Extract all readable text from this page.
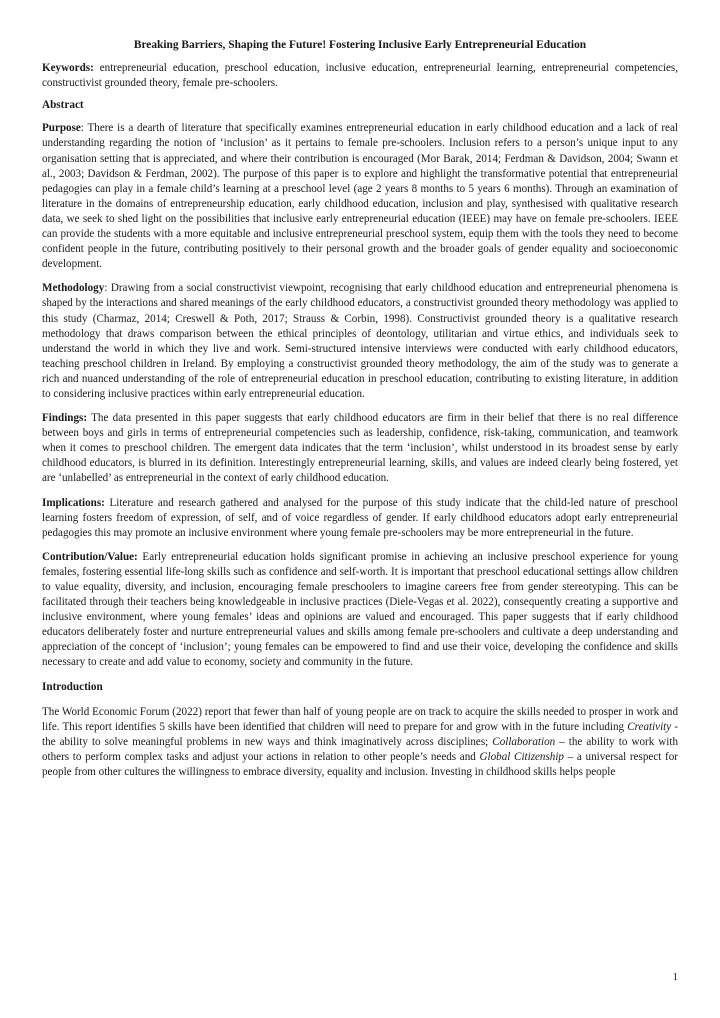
Breaking Barriers, Shaping the Future! Fostering Inclusive Early Entrepreneurial Education

Keywords: entrepreneurial education, preschool education, inclusive education, entrepreneurial learning, entrepreneurial competencies, constructivist grounded theory, female pre-schoolers.

Abstract

Purpose: There is a dearth of literature that specifically examines entrepreneurial education in early childhood education and a lack of real understanding regarding the notion of ‘inclusion’ as it pertains to female pre-schoolers. Inclusion refers to a person’s unique input to any organisation setting that is appreciated, and where their contribution is encouraged (Mor Barak, 2014; Ferdman & Davidson, 2004; Swann et al., 2003; Davidson & Ferdman, 2002). The purpose of this paper is to explore and highlight the transformative potential that entrepreneurial pedagogies can play in a female child’s learning at a preschool level (age 2 years 8 months to 5 years 6 months). Through an examination of literature in the domains of entrepreneurship education, early childhood education, inclusion and play, synthesised with qualitative research data, we seek to shed light on the possibilities that inclusive early entrepreneurial education (IEEE) may have on female pre-schoolers. IEEE can provide the students with a more equitable and inclusive entrepreneurial preschool system, equip them with the tools they need to become confident people in the future, contributing positively to their personal growth and the broader goals of gender equality and socioeconomic development.

Methodology: Drawing from a social constructivist viewpoint, recognising that early childhood education and entrepreneurial phenomena is shaped by the interactions and shared meanings of the early childhood educators, a constructivist grounded theory methodology was applied to this study (Charmaz, 2014; Creswell & Poth, 2017; Strauss & Corbin, 1998). Constructivist grounded theory is a qualitative research methodology that draws comparison between the ethical principles of deontology, utilitarian and virtue ethics, and individuals seek to understand the world in which they live and work. Semi-structured intensive interviews were conducted with early childhood educators, teaching preschool children in Ireland. By employing a constructivist grounded theory methodology, the aim of the study was to generate a rich and nuanced understanding of the role of entrepreneurial education in preschool education, contributing to existing literature, in addition to considering inclusive practices within early entrepreneurial education.

Findings: The data presented in this paper suggests that early childhood educators are firm in their belief that there is no real difference between boys and girls in terms of entrepreneurial competencies such as leadership, confidence, risk-taking, communication, and teamwork when it comes to preschool children. The emergent data indicates that the term ‘inclusion’, whilst understood in its broadest sense by early childhood educators, is blurred in its definition. Interestingly entrepreneurial learning, skills, and values are indeed clearly being fostered, yet are ‘unlabelled’ as entrepreneurial in the context of early childhood education.

Implications: Literature and research gathered and analysed for the purpose of this study indicate that the child-led nature of preschool learning fosters freedom of expression, of self, and of voice regardless of gender. If early childhood educators adopt early entrepreneurial pedagogies this may promote an inclusive environment where young female pre-schoolers may be more entrepreneurial in the future.

Contribution/Value: Early entrepreneurial education holds significant promise in achieving an inclusive preschool experience for young females, fostering essential life-long skills such as confidence and self-worth. It is important that preschool educational settings allow children to value equality, diversity, and inclusion, encouraging female preschoolers to imagine careers free from gender stereotyping. This can be facilitated through their teachers being knowledgeable in inclusive practices (Diele-Vegas et al. 2022), consequently creating a supportive and inclusive environment, where young females’ ideas and opinions are valued and encouraged. This paper suggests that if early childhood educators deliberately foster and nurture entrepreneurial values and skills among female pre-schoolers and cultivate a deep understanding and appreciation of the concept of ‘inclusion’; young females can be empowered to find and use their voice, developing the confidence and skills necessary to create and add value to economy, society and community in the future.

Introduction

The World Economic Forum (2022) report that fewer than half of young people are on track to acquire the skills needed to prosper in work and life. This report identifies 5 skills have been identified that children will need to prepare for and grow with in the future including Creativity - the ability to solve meaningful problems in new ways and think imaginatively across disciplines; Collaboration – the ability to work with others to perform complex tasks and adjust your actions in relation to other people’s needs and Global Citizenship – a universal respect for people from other cultures the willingness to embrace diversity, equality and inclusion. Investing in childhood skills helps people

1
